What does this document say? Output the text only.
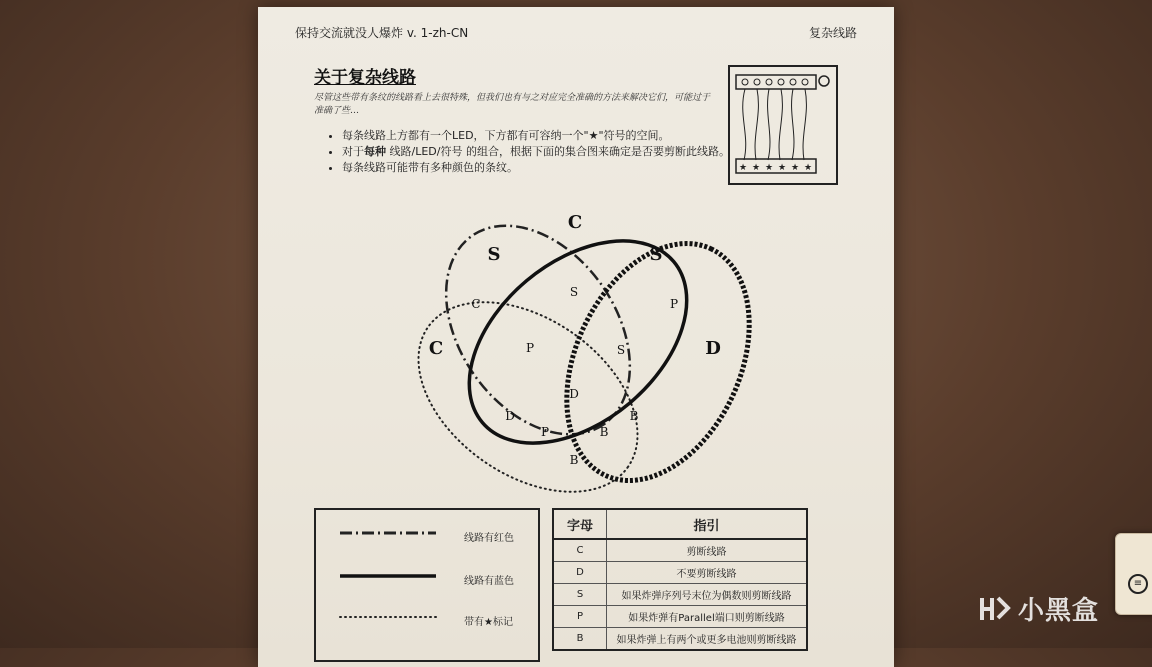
保持交流就没人爆炸 v. 1-zh-CN	复杂线路
关于复杂线路
尽管这些带有条纹的线路看上去很特殊，但我们也有与之对应完全准确的方法来解决它们，可能过于准确了些…
• 每条线路上方都有一个LED，下方都有可容纳一个"★"符号的空间。
• 对于每种 线路/LED/符号 的组合，根据下面的集合图来确定是否要剪断此线路。
• 每条线路可能带有多种颜色的条纹。	★ ★ ★ ★ ★ ★
C
S	S
C	D
C
S
P
P	S
D
D	B
P	B
B
线路有红色
线路有蓝色
带有★标记
字母	指引
C	剪断线路
D	不要剪断线路
S	如果炸弹序列号末位为偶数则剪断线路
P	如果炸弹有Parallel端口则剪断线路
B	如果炸弹上有两个或更多电池则剪断线路
≡
小黑盒
